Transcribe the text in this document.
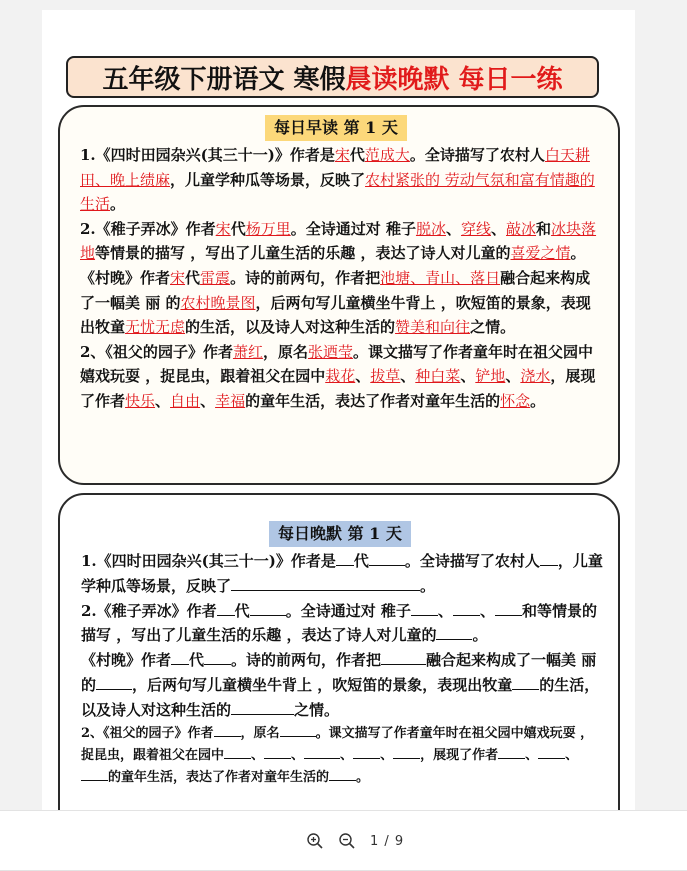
五年级下册语文 寒假 晨读晚默 每日一练
每日早读 第 1 天

1.《四时田园杂兴(其三十一)》作者是宋代范成大。全诗描写了农村人白天耕田、晚上绩麻，儿童学种瓜等场景，反映了农村紧张的 劳动气氛和富有情趣的生活。

2.《稚子弄冰》作者宋代杨万里。全诗通过对 稚子脱冰、穿线、敲冰和冰块落地等情景的描写 ，写出了儿童生活的乐趣 ，表达了诗人对儿童的喜爱之情。

《村晚》作者宋代雷震。诗的前两句，作者把池塘、青山、落日融合起来构成了一幅美 丽 的农村晚景图，后两句写儿童横坐牛背上 ，吹短笛的景象，表现出牧童无忧无虑的生活，以及诗人对这种生活的赞美和向往之情。

2、《祖父的园子》作者萧红，原名张迺莹。课文描写了作者童年时在祖父园中嬉戏玩耍 ，捉昆虫，跟着祖父在园中栽花、拔草、种白菜、铲地、浇水，展现了作者快乐、自由、幸福的童年生活，表达了作者对童年生活的怀念。

每日晚默 第 1 天

1.《四时田园杂兴(其三十一)》作者是 代 。全诗描写了农村人 ，儿童学种瓜等场景，反映了	。

2.《稚子弄冰》作者 代 。全诗通过对 稚子 、 、 和等情景的描写 ，写出了儿童生活的乐趣 ，表达了诗人对儿童的 。

《村晚》作者 代 。诗的前两句，作者把	融合起来构成了一幅美 丽 的 ，后两句写儿童横坐牛背上 ，吹短笛的景象，表现出牧童 的生活，以及诗人对这种生活的	之情。

2、《祖父的园子》作者 ，原名	。课文描写了作者童年时在祖父园中嬉戏玩耍 ，捉昆虫，跟着祖父在园中 、 、	、 、 ，展现了作者 、 、的童年生活，表达了作者对童年生活的 。

1 / 9
